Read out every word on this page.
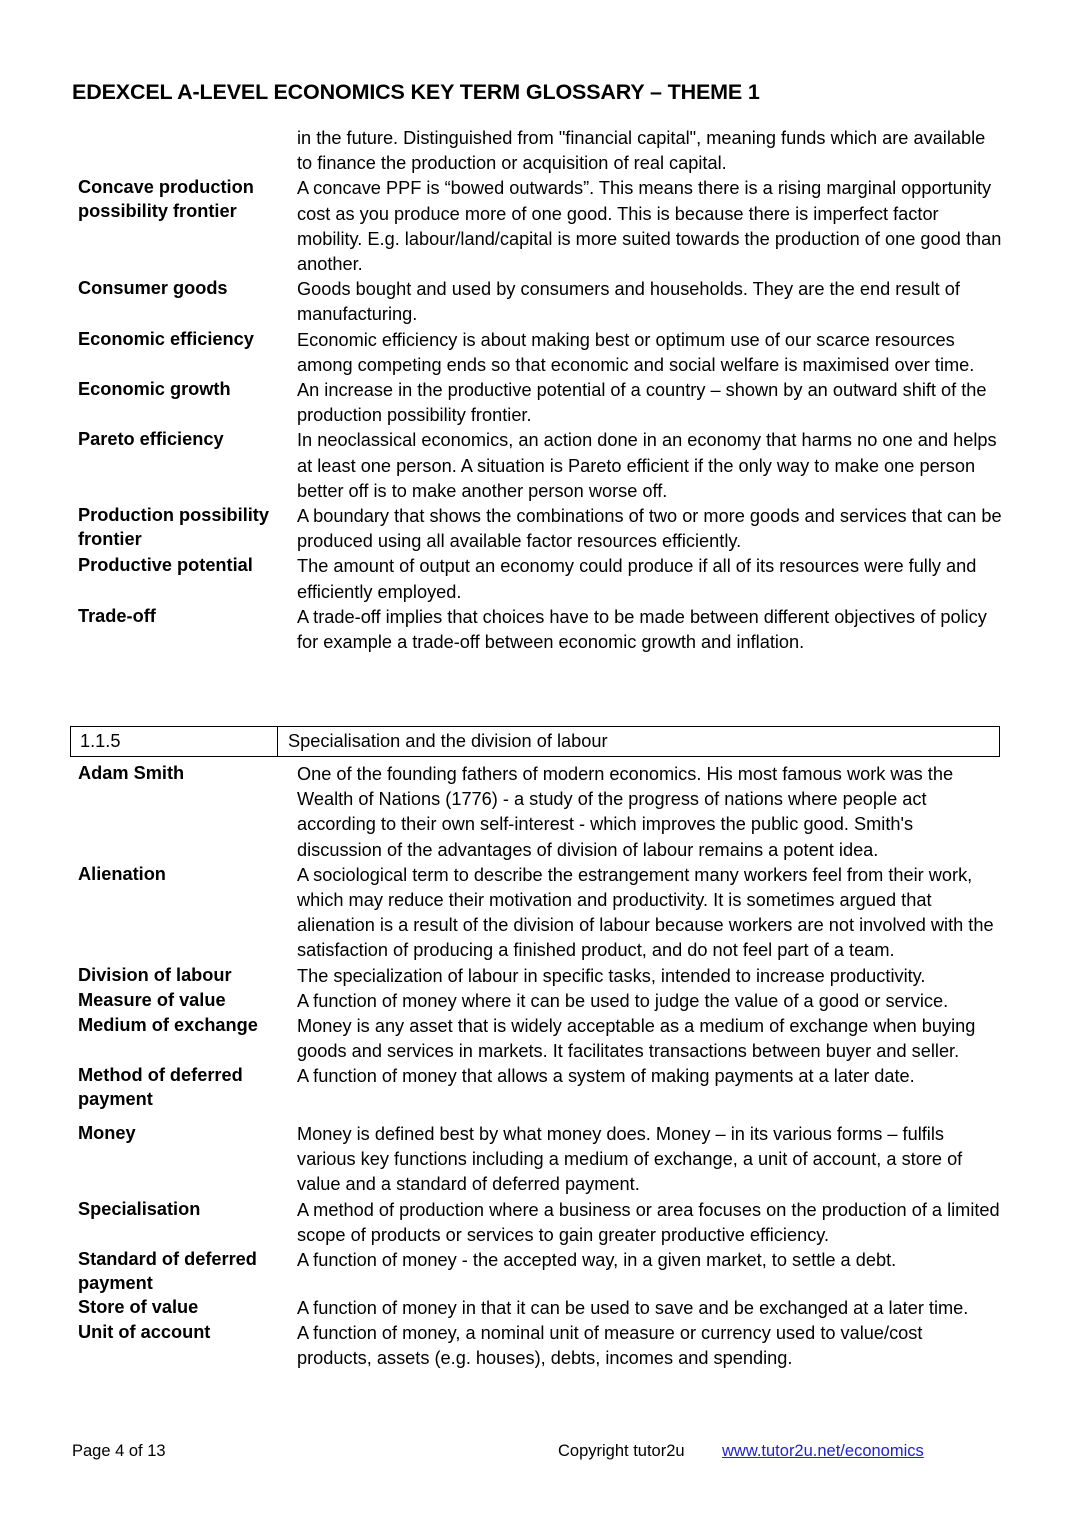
EDEXCEL A-LEVEL ECONOMICS KEY TERM GLOSSARY – THEME 1

	in the future. Distinguished from "financial capital", meaning funds which are available to finance the production or acquisition of real capital.

Concave production possibility frontier	A concave PPF is “bowed outwards”. This means there is a rising marginal opportunity cost as you produce more of one good. This is because there is imperfect factor mobility. E.g. labour/land/capital is more suited towards the production of one good than another.

Consumer goods	Goods bought and used by consumers and households. They are the end result of manufacturing.

Economic efficiency	Economic efficiency is about making best or optimum use of our scarce resources among competing ends so that economic and social welfare is maximised over time.

Economic growth	An increase in the productive potential of a country – shown by an outward shift of the production possibility frontier.

Pareto efficiency	In neoclassical economics, an action done in an economy that harms no one and helps at least one person. A situation is Pareto efficient if the only way to make one person better off is to make another person worse off.

Production possibility frontier	A boundary that shows the combinations of two or more goods and services that can be produced using all available factor resources efficiently.

Productive potential	The amount of output an economy could produce if all of its resources were fully and efficiently employed.

Trade-off	A trade-off implies that choices have to be made between different objectives of policy for example a trade-off between economic growth and inflation.
1.1.5	Specialisation and the division of labour
Adam Smith	One of the founding fathers of modern economics. His most famous work was the Wealth of Nations (1776) - a study of the progress of nations where people act according to their own self-interest - which improves the public good. Smith's discussion of the advantages of division of labour remains a potent idea.

Alienation	A sociological term to describe the estrangement many workers feel from their work, which may reduce their motivation and productivity. It is sometimes argued that alienation is a result of the division of labour because workers are not involved with the satisfaction of producing a finished product, and do not feel part of a team.

Division of labour	The specialization of labour in specific tasks, intended to increase productivity.

Measure of value	A function of money where it can be used to judge the value of a good or service.

Medium of exchange	Money is any asset that is widely acceptable as a medium of exchange when buying goods and services in markets. It facilitates transactions between buyer and seller.

Method of deferred payment	A function of money that allows a system of making payments at a later date.

Money	Money is defined best by what money does. Money – in its various forms – fulfils various key functions including a medium of exchange, a unit of account, a store of value and a standard of deferred payment.

Specialisation	A method of production where a business or area focuses on the production of a limited scope of products or services to gain greater productive efficiency.

Standard of deferred payment	A function of money - the accepted way, in a given market, to settle a debt.

Store of value	A function of money in that it can be used to save and be exchanged at a later time.

Unit of account	A function of money, a nominal unit of measure or currency used to value/cost products, assets (e.g. houses), debts, incomes and spending.
Page 4 of 13	Copyright tutor2u www.tutor2u.net/economics
